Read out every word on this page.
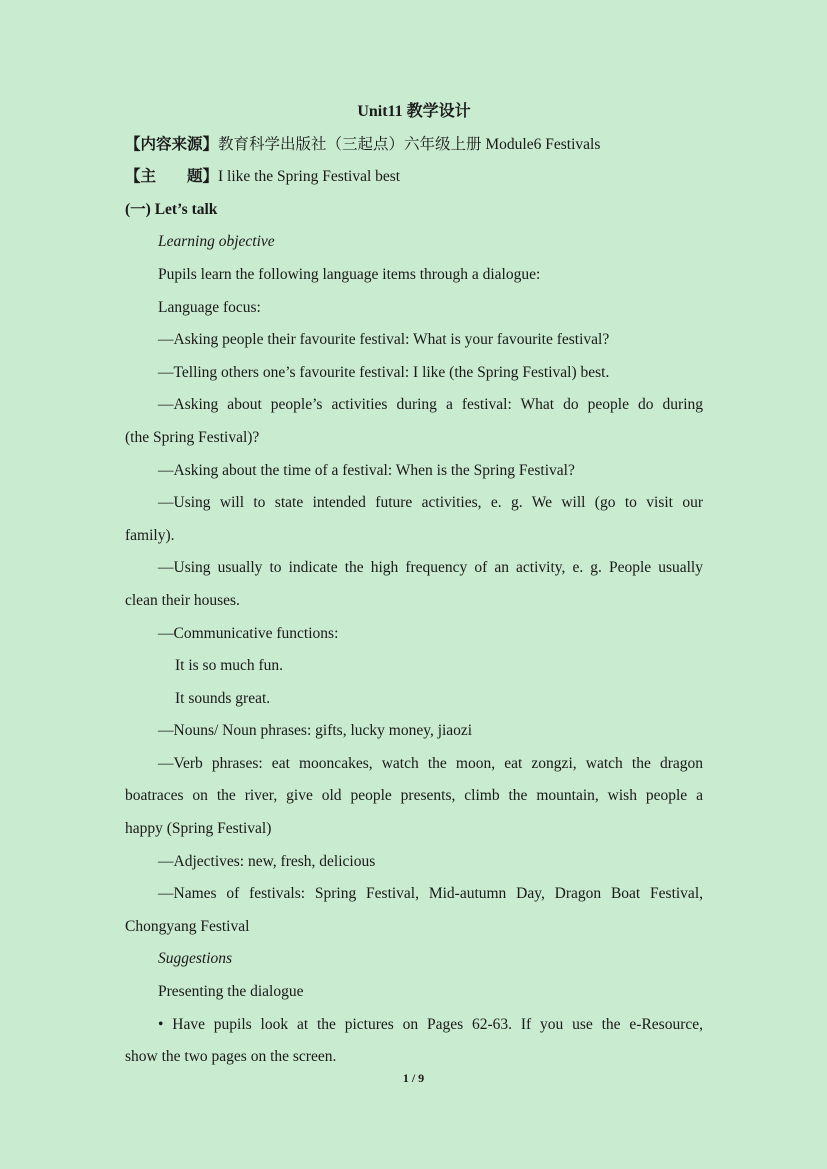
Unit11 教学设计
【内容来源】教育科学出版社（三起点）六年级上册 Module6 Festivals
【主　　题】I like the Spring Festival best
(一) Let’s talk
Learning objective
Pupils learn the following language items through a dialogue:
Language focus:
—Asking people their favourite festival: What is your favourite festival?
—Telling others one’s favourite festival: I like (the Spring Festival) best.
—Asking about people’s activities during a festival: What do people do during
(the Spring Festival)?
—Asking about the time of a festival: When is the Spring Festival?
—Using will to state intended future activities, e. g. We will (go to visit our
family).
—Using usually to indicate the high frequency of an activity, e. g. People usually
clean their houses.
—Communicative functions:
It is so much fun.
It sounds great.
—Nouns/ Noun phrases: gifts, lucky money, jiaozi
—Verb phrases: eat mooncakes, watch the moon, eat zongzi, watch the dragon
boatraces on the river, give old people presents, climb the mountain, wish people a
happy (Spring Festival)
—Adjectives: new, fresh, delicious
—Names of festivals: Spring Festival, Mid-autumn Day, Dragon Boat Festival,
Chongyang Festival
Suggestions
Presenting the dialogue
• Have pupils look at the pictures on Pages 62-63. If you use the e-Resource,
show the two pages on the screen.
1 / 9
